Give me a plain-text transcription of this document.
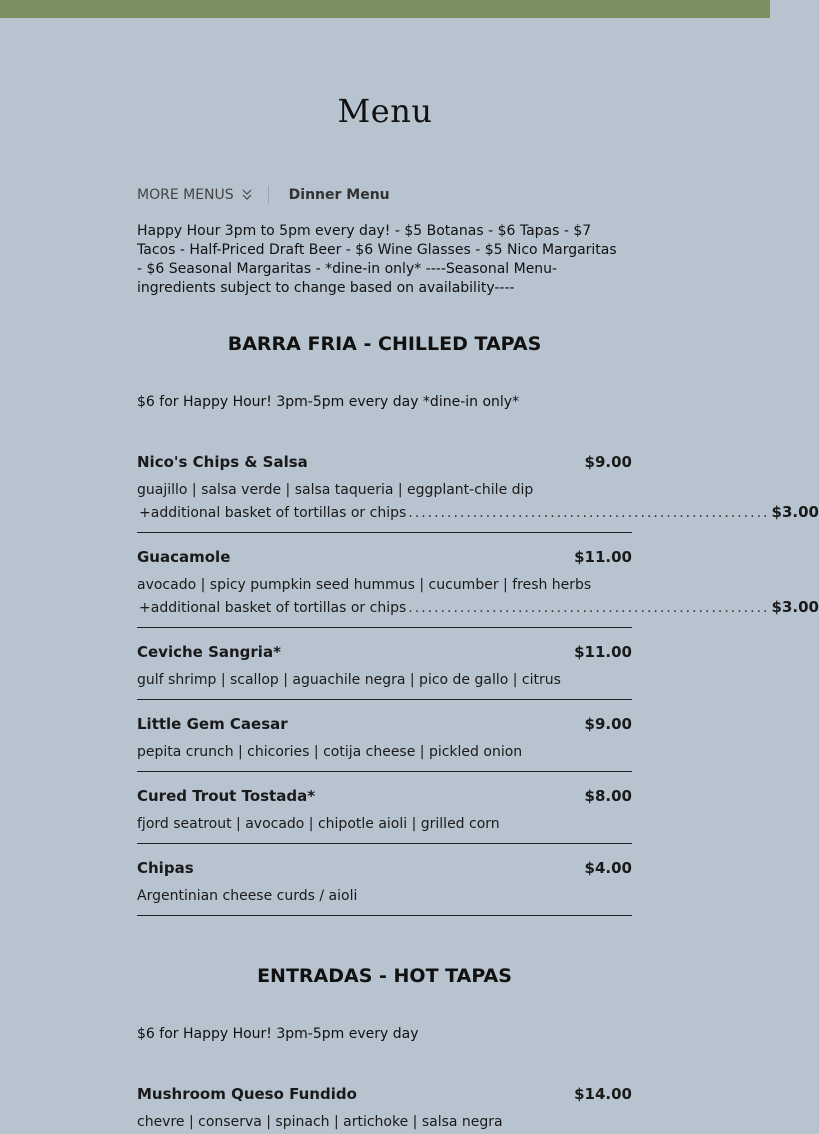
Menu
MORE MENUS	Dinner Menu
Happy Hour 3pm to 5pm every day! - $5 Botanas - $6 Tapas - $7 Tacos - Half-Priced Draft Beer - $6 Wine Glasses - $5 Nico Margaritas - $6 Seasonal Margaritas - *dine-in only* ----Seasonal Menu- ingredients subject to change based on availability----
BARRA FRIA - CHILLED TAPAS
$6 for Happy Hour! 3pm-5pm every day *dine-in only*
Nico's Chips & Salsa	$9.00
guajillo | salsa verde | salsa taqueria | eggplant-chile dip
+ additional basket of tortillas or chips ........................................................ $3.00
Guacamole	$11.00
avocado | spicy pumpkin seed hummus | cucumber | fresh herbs
+ additional basket of tortillas or chips ........................................................ $3.00
Ceviche Sangria*	$11.00
gulf shrimp | scallop | aguachile negra | pico de gallo | citrus
Little Gem Caesar	$9.00
pepita crunch | chicories | cotija cheese | pickled onion
Cured Trout Tostada*	$8.00
fjord seatrout | avocado | chipotle aioli | grilled corn
Chipas	$4.00
Argentinian cheese curds / aioli
ENTRADAS - HOT TAPAS
$6 for Happy Hour! 3pm-5pm every day
Mushroom Queso Fundido	$14.00
chevre | conserva | spinach | artichoke | salsa negra
